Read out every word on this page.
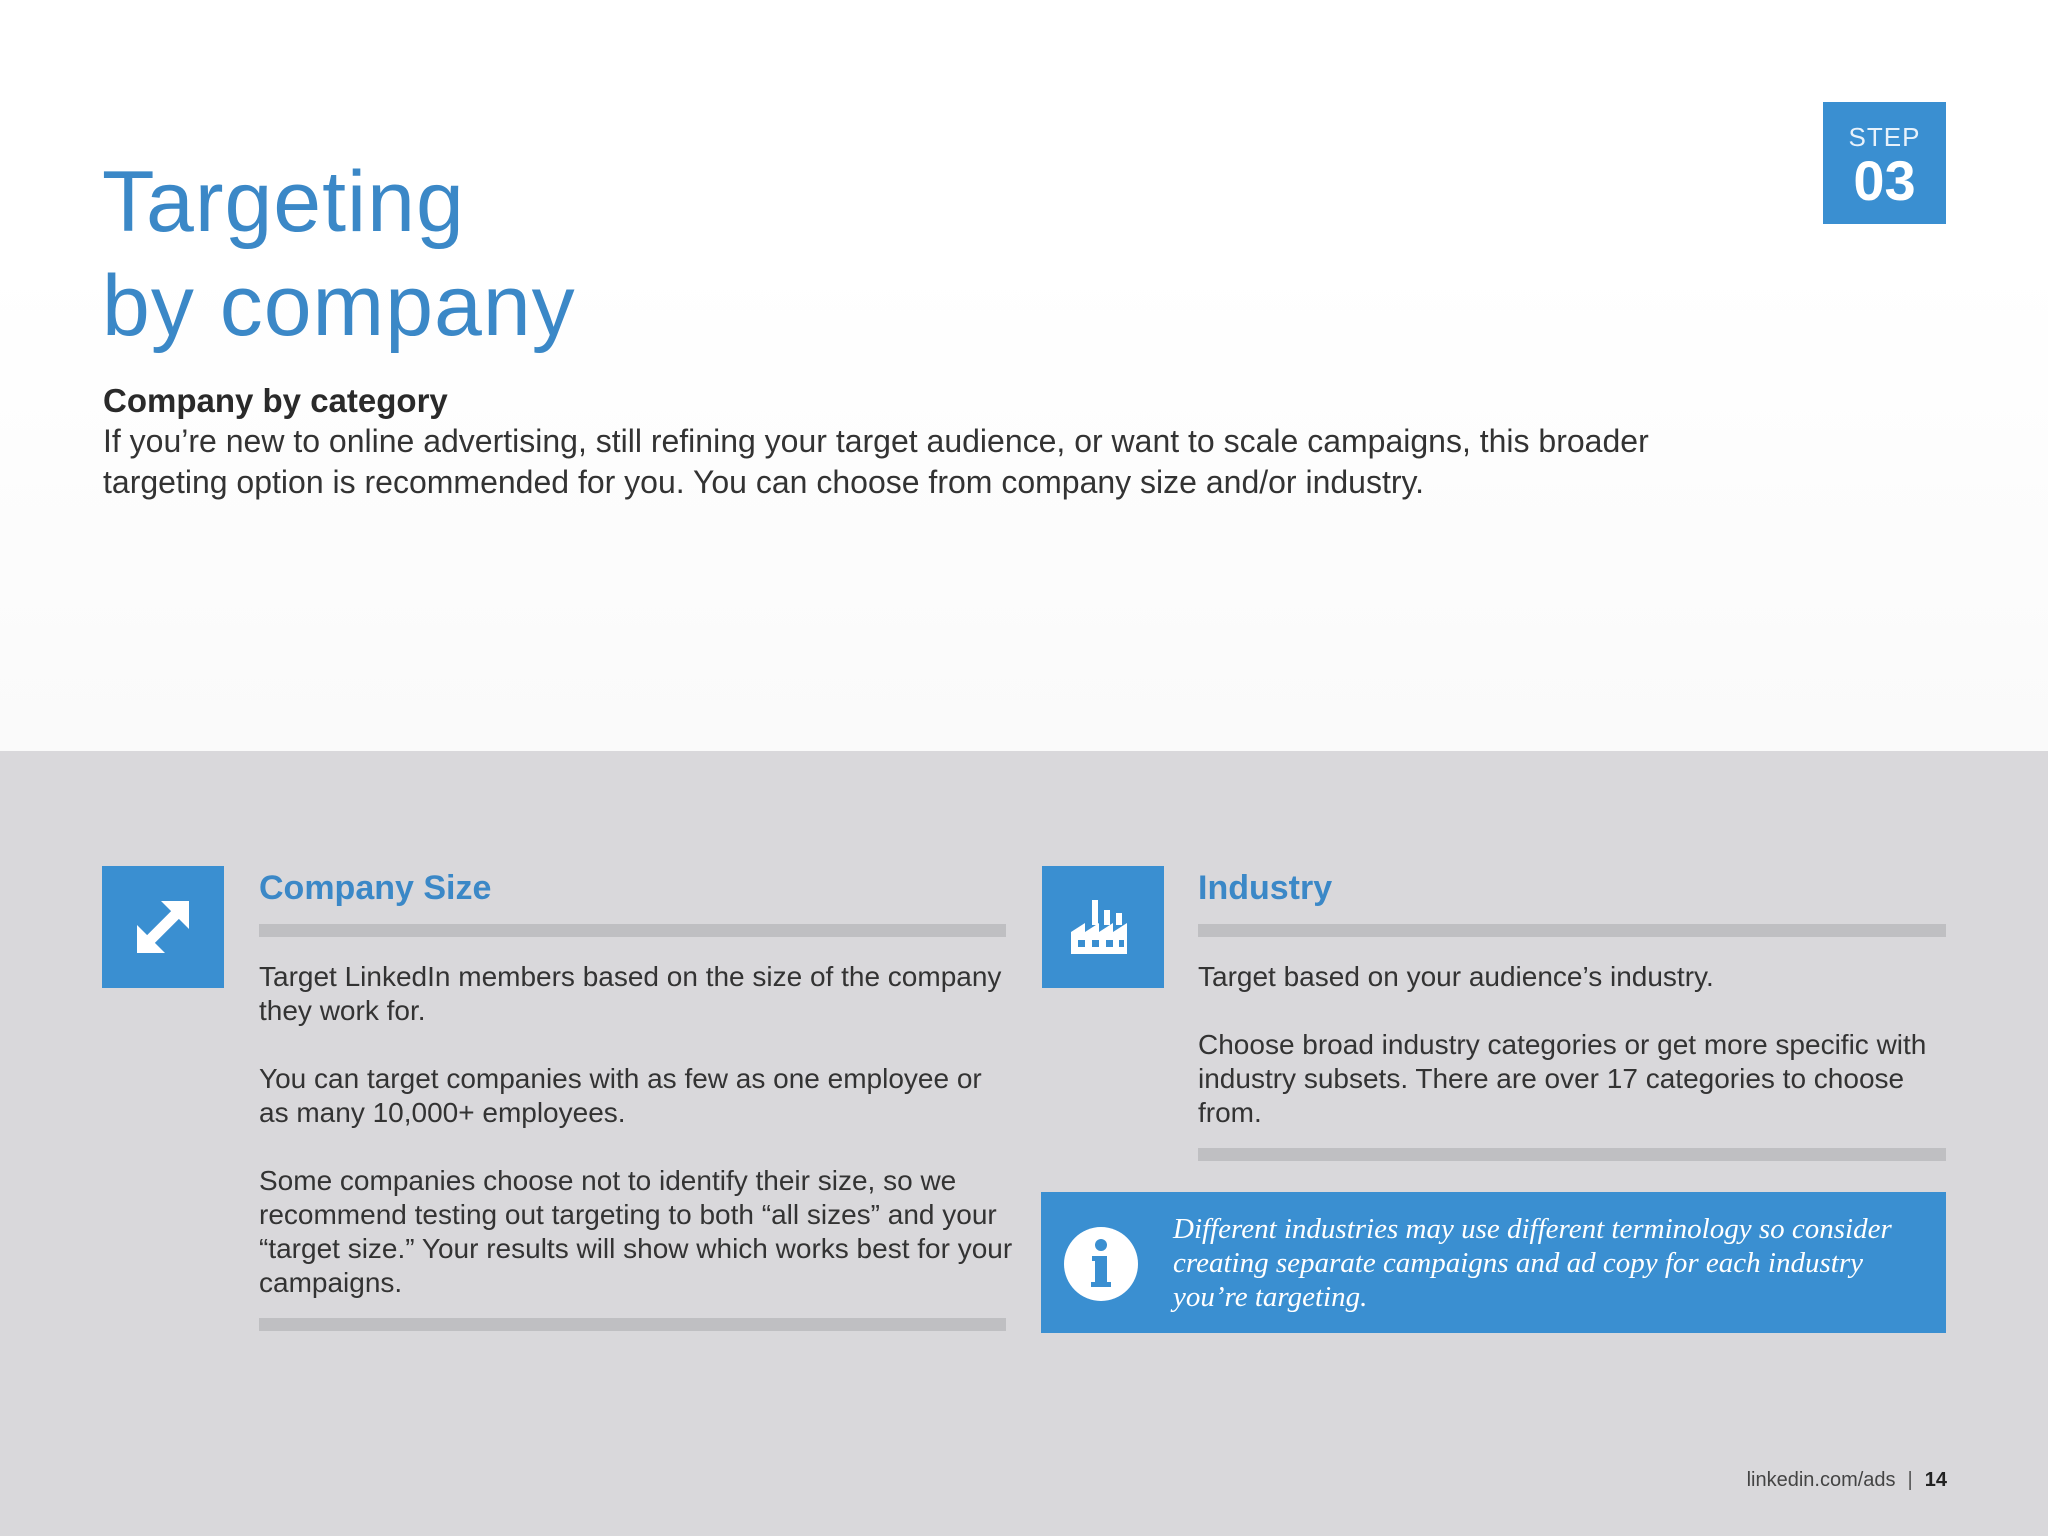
Targeting
by company
STEP
03
Company by category

If you’re new to online advertising, still refining your target audience, or want to scale campaigns, this broader targeting option is recommended for you. You can choose from company size and/or industry.

Company Size

Target LinkedIn members based on the size of the company they work for.

You can target companies with as few as one employee or as many 10,000+ employees.

Some companies choose not to identify their size, so we recommend testing out targeting to both “all sizes” and your “target size.” Your results will show which works best for your campaigns.

Industry

Target based on your audience’s industry.

Choose broad industry categories or get more specific with industry subsets. There are over 17 categories to choose from.

Different industries may use different terminology so consider creating separate campaigns and ad copy for each industry you’re targeting.

linkedin.com/ads | 14
